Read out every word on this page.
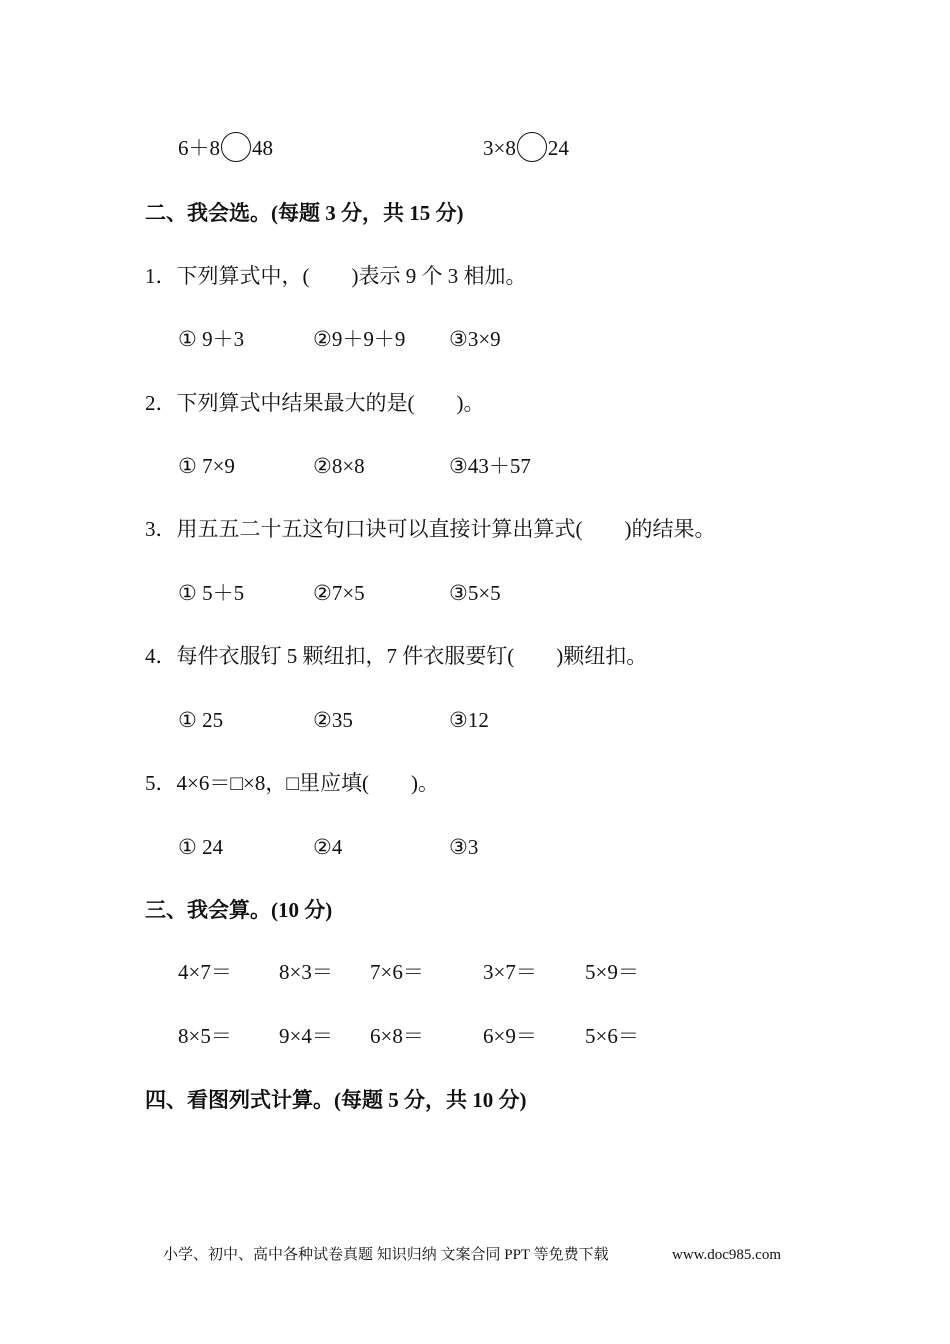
6＋8 48	3×8 24
二、我会选。(每题 3 分，共 15 分)
1．下列算式中，(　　)表示 9 个 3 相加。
① 9＋3	②9＋9＋9 ③3×9
2．下列算式中结果最大的是(　　)。
① 7×9	②8×8	③43＋57
3．用五五二十五这句口诀可以直接计算出算式(　　)的结果。
① 5＋5	②7×5	③5×5
4．每件衣服钉 5 颗纽扣，7 件衣服要钉(　　)颗纽扣。
① 25	②35	③12
5．4×6＝□×8，□里应填(　　)。
① 24	②4	③3
三、我会算。(10 分)
4×7＝ 8×3＝ 7×6＝	3×7＝ 5×9＝
8×5＝ 9×4＝ 6×8＝	6×9＝ 5×6＝
四、看图列式计算。(每题 5 分，共 10 分)
小学、初中、高中各种试卷真题 知识归纳 文案合同 PPT 等免费下载	www.doc985.com
